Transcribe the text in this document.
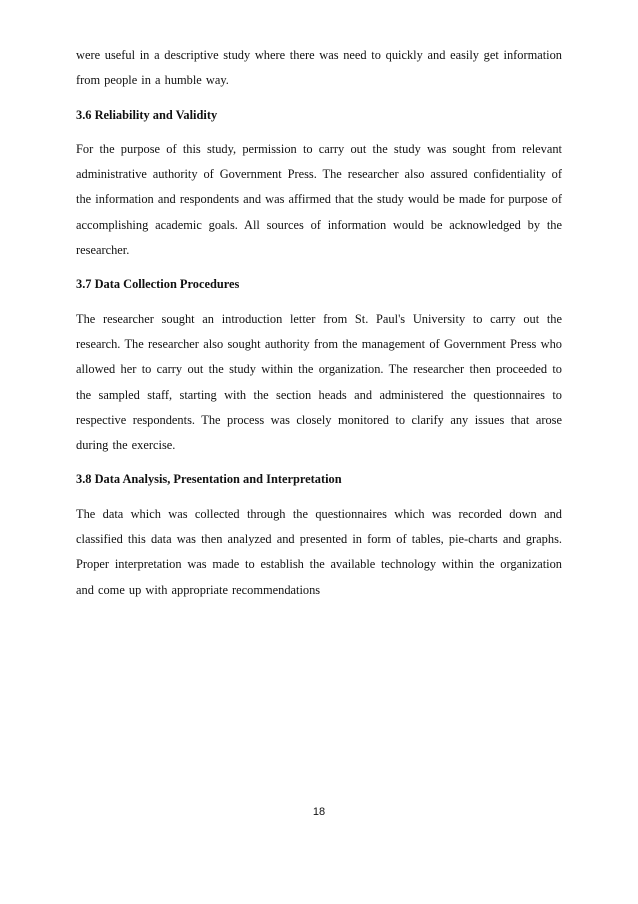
were useful in a descriptive study where there was need to quickly and easily get information from people in a humble way.

3.6 Reliability and Validity

For the purpose of this study, permission to carry out the study was sought from relevant administrative authority of Government Press. The researcher also assured confidentiality of the information and respondents and was affirmed that the study would be made for purpose of accomplishing academic goals. All sources of information would be acknowledged by the researcher.

3.7 Data Collection Procedures

The researcher sought an introduction letter from St. Paul's University to carry out the research. The researcher also sought authority from the management of Government Press who allowed her to carry out the study within the organization. The researcher then proceeded to the sampled staff, starting with the section heads and administered the questionnaires to respective respondents. The process was closely monitored to clarify any issues that arose during the exercise.

3.8 Data Analysis, Presentation and Interpretation

The data which was collected through the questionnaires which was recorded down and classified this data was then analyzed and presented in form of tables, pie-charts and graphs. Proper interpretation was made to establish the available technology within the organization and come up with appropriate recommendations

18
